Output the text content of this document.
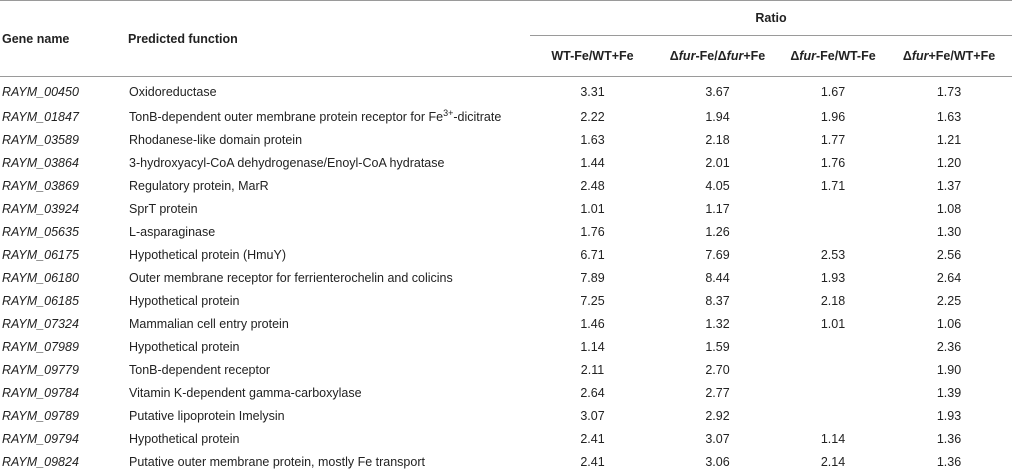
Gene name	Predicted function	Ratio			
		WT-Fe/WT+Fe	Δfur-Fe/Δfur+Fe	Δfur-Fe/WT-Fe	Δfur+Fe/WT+Fe
RAYM_00450	Oxidoreductase	3.31	3.67	1.67	1.73
RAYM_01847	TonB-dependent outer membrane protein receptor for $Fe^{3+}$-dicitrate	2.22	1.94	1.96	1.63
RAYM_03589	Rhodanese-like domain protein	1.63	2.18	1.77	1.21
RAYM_03864	3-hydroxyacyl-CoA dehydrogenase/Enoyl-CoA hydratase	1.44	2.01	1.76	1.20
RAYM_03869	Regulatory protein, MarR	2.48	4.05	1.71	1.37
RAYM_03924	SprT protein	1.01	1.17		1.08
RAYM_05635	L-asparaginase	1.76	1.26		1.30
RAYM_06175	Hypothetical protein (HmuY)	6.71	7.69	2.53	2.56
RAYM_06180	Outer membrane receptor for ferrienterochelin and colicins	7.89	8.44	1.93	2.64
RAYM_06185	Hypothetical protein	7.25	8.37	2.18	2.25
RAYM_07324	Mammalian cell entry protein	1.46	1.32	1.01	1.06
RAYM_07989	Hypothetical protein	1.14	1.59		2.36
RAYM_09779	TonB-dependent receptor	2.11	2.70		1.90
RAYM_09784	Vitamin K-dependent gamma-carboxylase	2.64	2.77		1.39
RAYM_09789	Putative lipoprotein Imelysin	3.07	2.92		1.93
RAYM_09794	Hypothetical protein	2.41	3.07	1.14	1.36
RAYM_09824	Putative outer membrane protein, mostly Fe transport	2.41	3.06	2.14	1.36
